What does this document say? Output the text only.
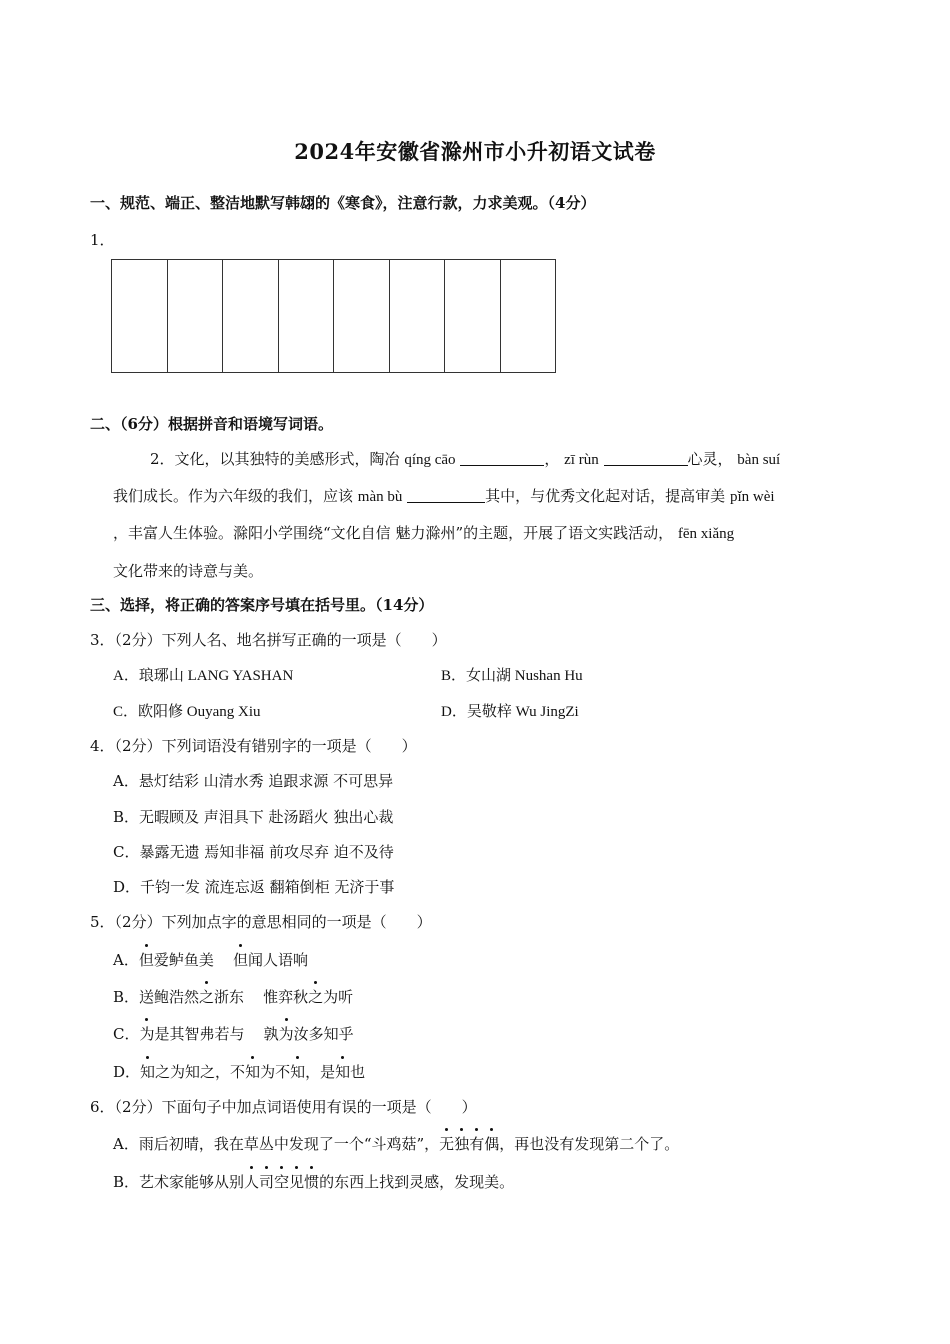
2024年安徽省滁州市小升初语文试卷
一、规范、端正、整洁地默写韩翃的《寒食》，注意行款，力求美观。（4分）
1．
二、（6分）根据拼音和语境写词语。
2．文化，以其独特的美感形式，陶冶 qíng cāo	， zī rùn	心灵， bàn suí
我们成长。作为六年级的我们，应该 màn bù	其中，与优秀文化起对话，提高审美 pǐn wèi
，丰富人生体验。滁阳小学围绕“文化自信 魅力滁州”的主题，开展了语文实践活动， fēn xiǎng
文化带来的诗意与美。
三、选择，将正确的答案序号填在括号里。（14分）
3．（2分）下列人名、地名拼写正确的一项是（　　）
A．琅琊山 LANG YASHAN	B．女山湖 Nushan Hu
C．欧阳修 Ouyang Xiu	D．吴敬梓 Wu JingZi
4．（2分）下列词语没有错别字的一项是（　　）
A．悬灯结彩 山清水秀 追跟求源 不可思异
B．无暇顾及 声泪具下 赴汤蹈火 独出心裁
C．暴露无遗 焉知非福 前攻尽弃 迫不及待
D．千钧一发 流连忘返 翻箱倒柜 无济于事
5．（2分）下列加点字的意思相同的一项是（　　）
A．但爱鲈鱼美    但闻人语响
B．送鲍浩然之浙东    惟弈秋之为听
C．为是其智弗若与    孰为汝多知乎
D．知之为知之，不知为不知，是知也
6．（2分）下面句子中加点词语使用有误的一项是（　　）
A．雨后初晴，我在草丛中发现了一个“斗鸡菇”，无独有偶，再也没有发现第二个了。
B．艺术家能够从别人司空见惯的东西上找到灵感，发现美。
